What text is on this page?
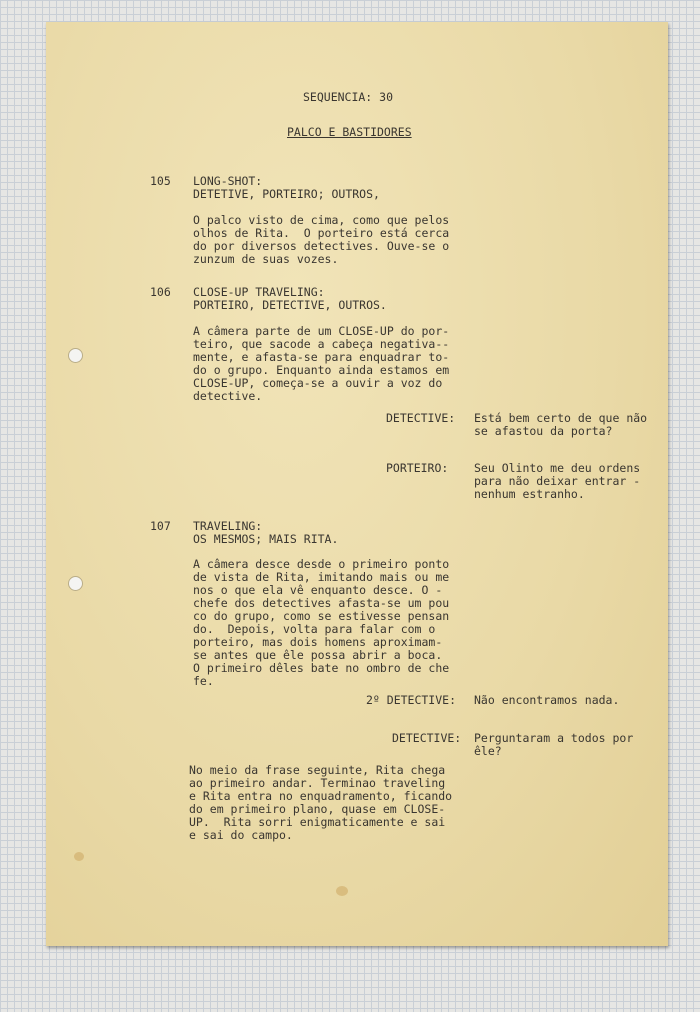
SEQUENCIA: 30

PALCO E BASTIDORES

105 LONG-SHOT:

DETETIVE, PORTEIRO; OUTROS,

O palco visto de cima, como que pelos
olhos de Rita.  O porteiro está cerca
do por diversos detectives. Ouve-se o
zunzum de suas vozes.

106 CLOSE-UP TRAVELING:

PORTEIRO, DETECTIVE, OUTROS.

A câmera parte de um CLOSE-UP do por-
teiro, que sacode a cabeça negativa--
mente, e afasta-se para enquadrar to-
do o grupo. Enquanto ainda estamos em
CLOSE-UP, começa-se a ouvir a voz do
detective.

DETECTIVE: Está bem certo de que não
se afastou da porta?

PORTEIRO: Seu Olinto me deu ordens
para não deixar entrar -
nenhum estranho.

107 TRAVELING:

OS MESMOS; MAIS RITA.

A câmera desce desde o primeiro ponto
de vista de Rita, imitando mais ou me
nos o que ela vê enquanto desce. O -
chefe dos detectives afasta-se um pou
co do grupo, como se estivesse pensan
do.  Depois, volta para falar com o
porteiro, mas dois homens aproximam-
se antes que êle possa abrir a boca.
O primeiro dêles bate no ombro de che
fe.

2º DETECTIVE: Não encontramos nada.

DETECTIVE: Perguntaram a todos por
êle?

No meio da frase seguinte, Rita chega
ao primeiro andar. Terminao traveling
e Rita entra no enquadramento, ficando
do em primeiro plano, quase em CLOSE-
UP.  Rita sorri enigmaticamente e sai
e sai do campo.
